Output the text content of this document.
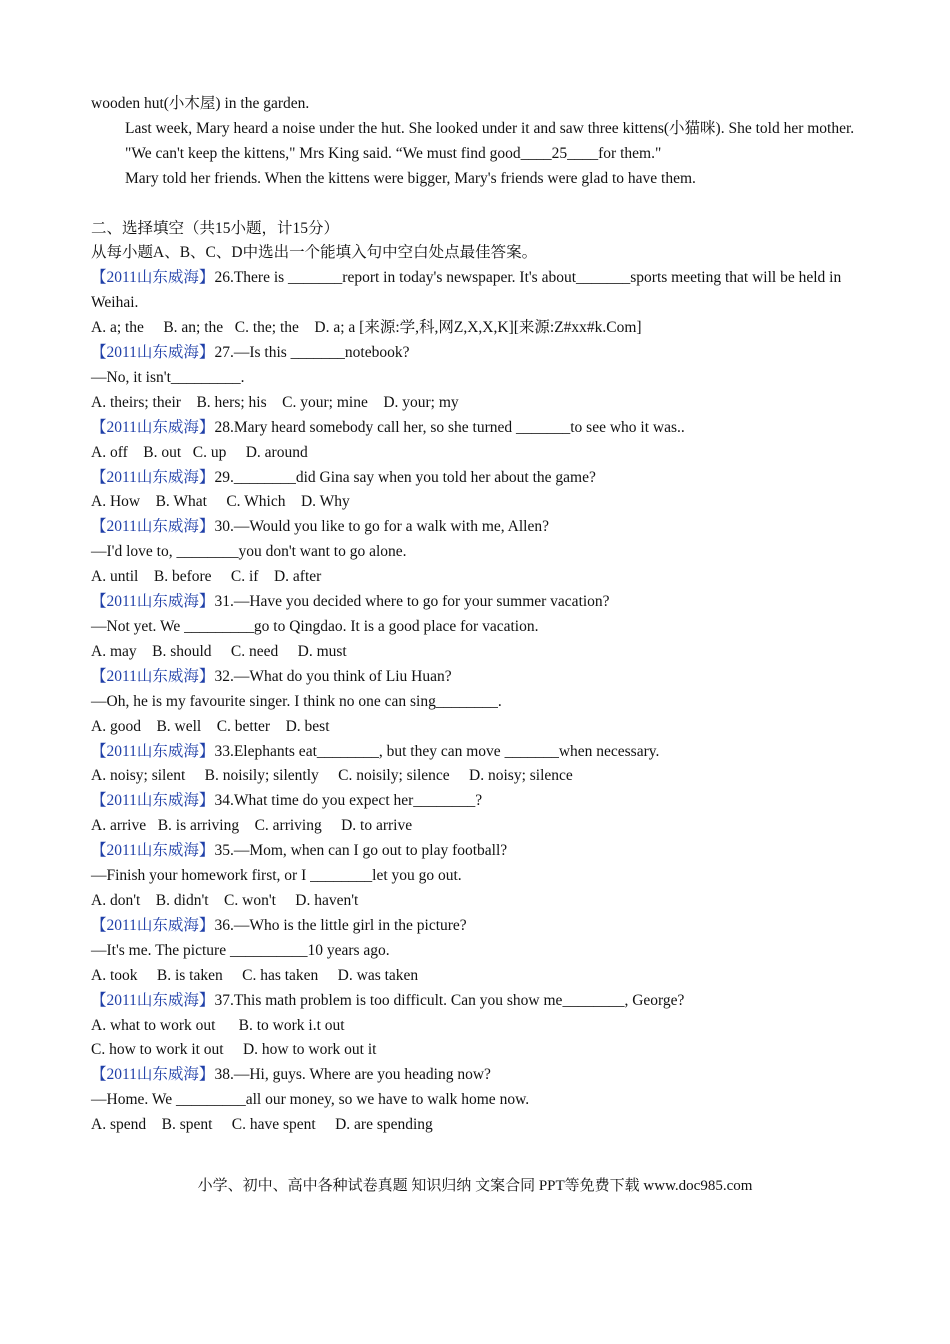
wooden hut(小木屋) in the garden.
Last week, Mary heard a noise under the hut. She looked under it and saw three kittens(小猫咪). She told her mother.
"We can't keep the kittens," Mrs King said. “We must find good____25____for them."
Mary told her friends. When the kittens were bigger, Mary's friends were glad to have them.
二、选择填空（共15小题，计15分）
从每小题A、B、C、D中选出一个能填入句中空白处点最佳答案。
【2011山东威海】26.There is _______report in today's newspaper. It's about_______sports meeting that will be held in Weihai.
A. a; the     B. an; the   C. the; the    D. a; a [来源:学,科,网Z,X,X,K][来源:Z#xx#k.Com]
【2011山东威海】27.—Is this _______notebook?
—No, it isn't_________.
A. theirs; their    B. hers; his    C. your; mine    D. your; my
【2011山东威海】28.Mary heard somebody call her, so she turned _______to see who it was..
A. off    B. out   C. up     D. around
【2011山东威海】29.________did Gina say when you told her about the game?
A. How    B. What     C. Which    D. Why
【2011山东威海】30.—Would you like to go for a walk with me, Allen?
—I'd love to, ________you don't want to go alone.
A. until    B. before     C. if    D. after
【2011山东威海】31.—Have you decided where to go for your summer vacation?
—Not yet. We _________go to Qingdao. It is a good place for vacation.
A. may    B. should     C. need     D. must
【2011山东威海】32.—What do you think of Liu Huan?
—Oh, he is my favourite singer. I think no one can sing________.
A. good    B. well    C. better    D. best
【2011山东威海】33.Elephants eat________, but they can move _______when necessary.
A. noisy; silent     B. noisily; silently     C. noisily; silence     D. noisy; silence
【2011山东威海】34.What time do you expect her________?
A. arrive   B. is arriving    C. arriving     D. to arrive
【2011山东威海】35.—Mom, when can I go out to play football?
—Finish your homework first, or I ________let you go out.
A. don't    B. didn't    C. won't     D. haven't
【2011山东威海】36.—Who is the little girl in the picture?
—It's me. The picture __________10 years ago.
A. took     B. is taken     C. has taken     D. was taken
【2011山东威海】37.This math problem is too difficult. Can you show me________, George?
A. what to work out      B. to work i.t out
C. how to work it out     D. how to work out it
【2011山东威海】38.—Hi, guys. Where are you heading now?
—Home. We _________all our money, so we have to walk home now.
A. spend    B. spent     C. have spent     D. are spending
小学、初中、高中各种试卷真题 知识归纳 文案合同 PPT等免费下载 www.doc985.com
